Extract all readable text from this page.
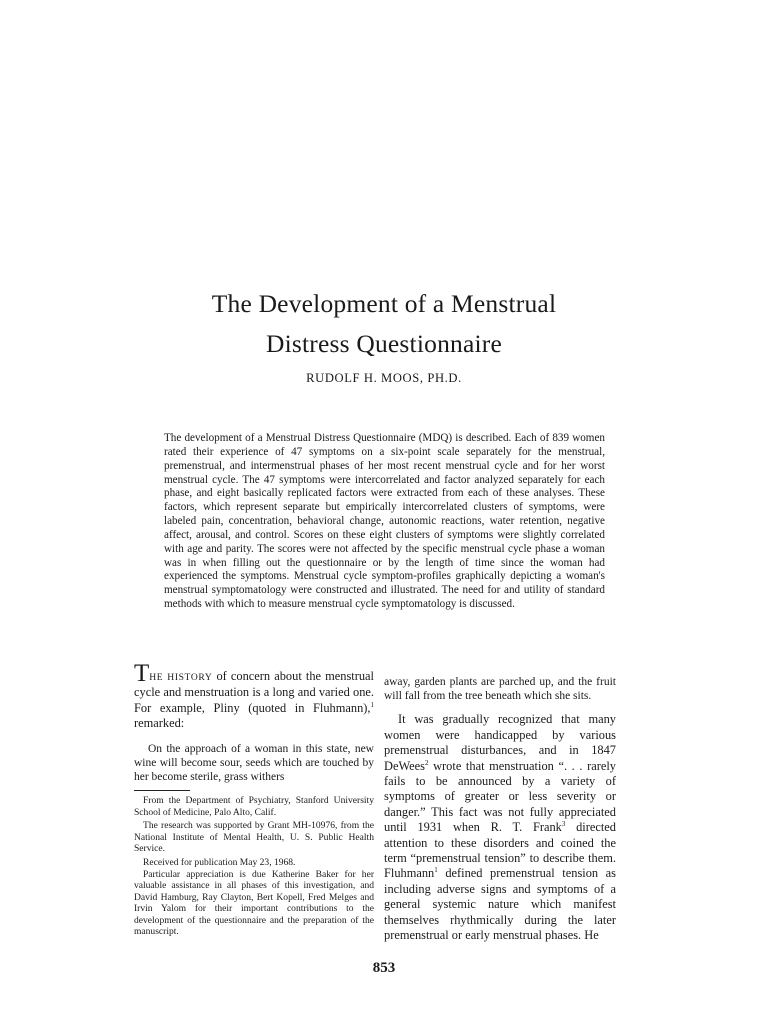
The Development of a Menstrual
Distress Questionnaire
RUDOLF H. MOOS, PH.D.

The development of a Menstrual Distress Questionnaire (MDQ) is described. Each of 839 women rated their experience of 47 symptoms on a six-point scale separately for the menstrual, premenstrual, and intermenstrual phases of her most recent menstrual cycle and for her worst menstrual cycle. The 47 symptoms were intercorrelated and factor analyzed separately for each phase, and eight basically replicated factors were extracted from each of these analyses. These factors, which represent separate but empirically intercorrelated clusters of symptoms, were labeled pain, concentration, behavioral change, autonomic reactions, water retention, negative affect, arousal, and control. Scores on these eight clusters of symptoms were slightly correlated with age and parity. The scores were not affected by the specific menstrual cycle phase a woman was in when filling out the questionnaire or by the length of time since the woman had experienced the symptoms. Menstrual cycle symptom-profiles graphically depicting a woman's menstrual symptomatology were constructed and illustrated. The need for and utility of standard methods with which to measure menstrual cycle symptomatology is discussed.

THE HISTORY of concern about the menstrual cycle and menstruation is a long and varied one. For example, Pliny (quoted in Fluhmann),$^1$ remarked:

On the approach of a woman in this state, new wine will become sour, seeds which are touched by her become sterile, grass withers

From the Department of Psychiatry, Stanford University School of Medicine, Palo Alto, Calif.

The research was supported by Grant MH-10976, from the National Institute of Mental Health, U. S. Public Health Service.

Received for publication May 23, 1968.

Particular appreciation is due Katherine Baker for her valuable assistance in all phases of this investigation, and David Hamburg, Ray Clayton, Bert Kopell, Fred Melges and Irvin Yalom for their important contributions to the development of the questionnaire and the preparation of the manuscript.

away, garden plants are parched up, and the fruit will fall from the tree beneath which she sits.

It was gradually recognized that many women were handicapped by various premenstrual disturbances, and in 1847 DeWees$^2$ wrote that menstruation “. . . rarely fails to be announced by a variety of symptoms of greater or less severity or danger.” This fact was not fully appreciated until 1931 when R. T. Frank$^3$ directed attention to these disorders and coined the term “premenstrual tension” to describe them. Fluhmann$^1$ defined premenstrual tension as including adverse signs and symptoms of a general systemic nature which manifest themselves rhythmically during the later premenstrual or early menstrual phases. He

853
